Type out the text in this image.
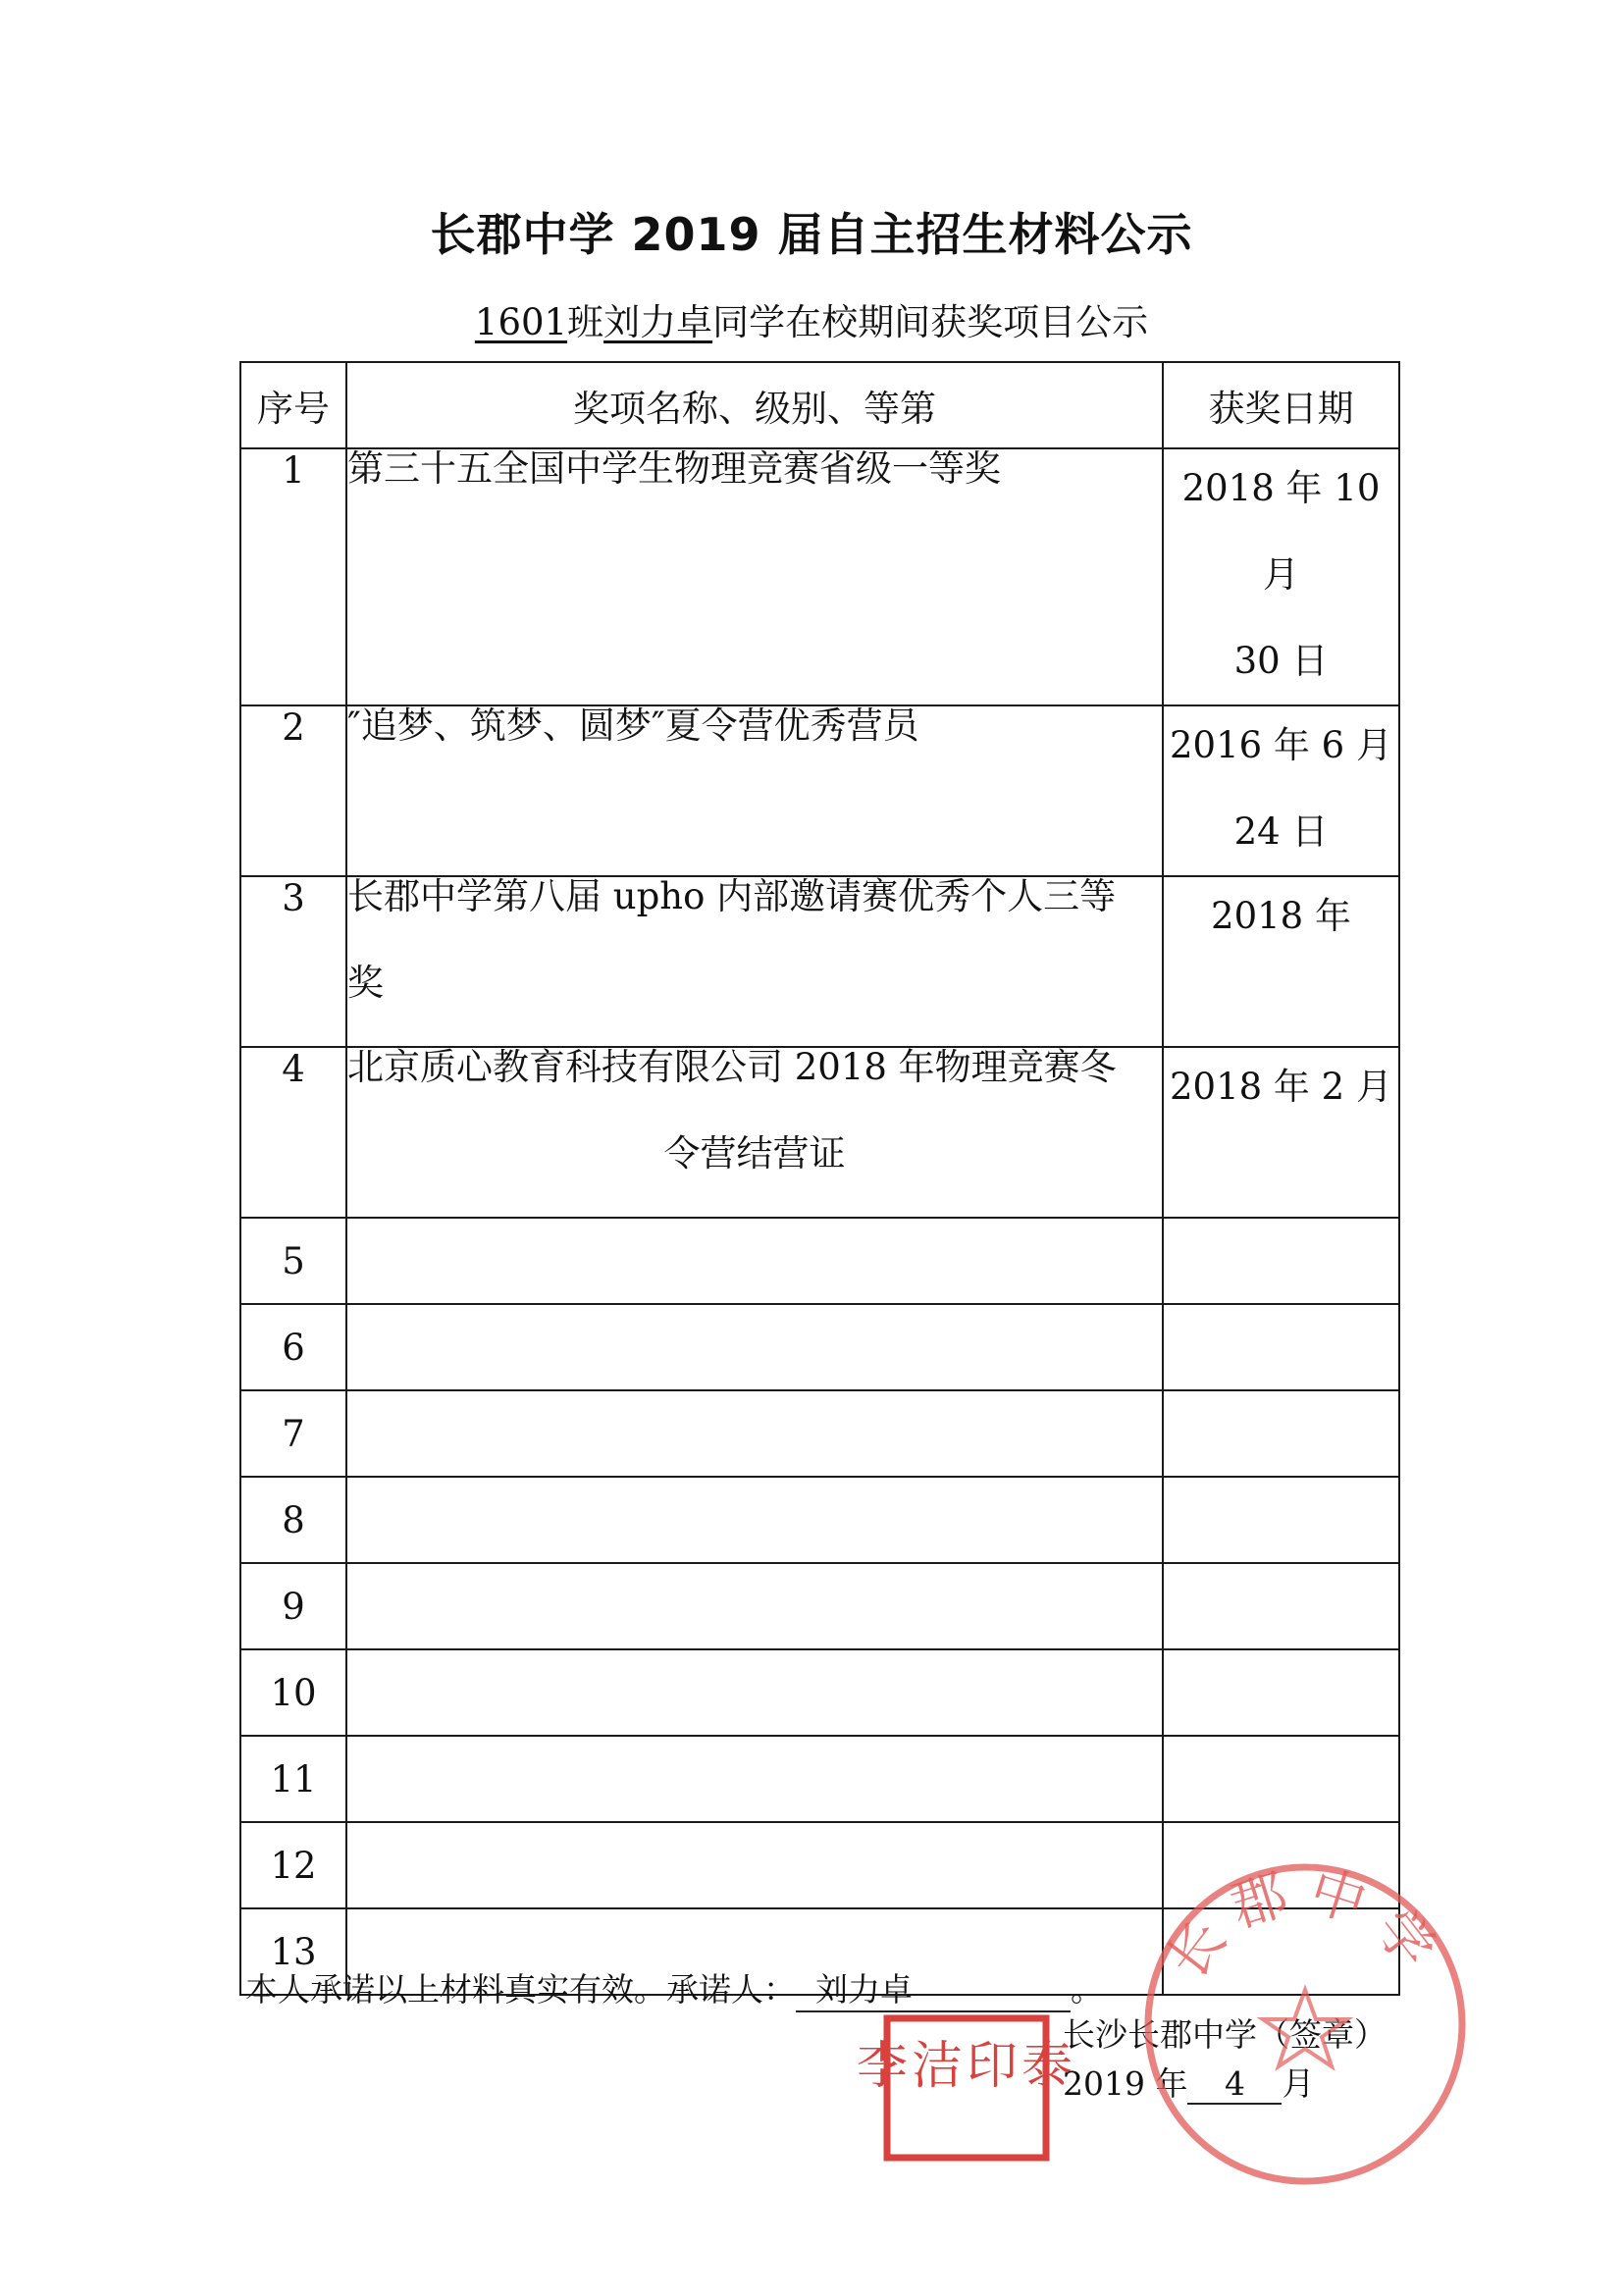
长郡中学 2019 届自主招生材料公示
1601班刘力卓同学在校期间获奖项目公示
序号	奖项名称、级别、等第	获奖日期
1	第三十五全国中学生物理竞赛省级一等奖	2018 年 10 月
30 日

2	″追梦、筑梦、圆梦″夏令营优秀营员	2016 年 6 月
24 日

3	长郡中学第八届 upho 内部邀请赛优秀个人三等
奖	2018 年

4	北京质心教育科技有限公司 2018 年物理竞赛冬
令营结营证	2018 年 2 月

5		
6		
7		
8		
9		
10		
11		
12		
13		
本人承诺以上材料真实有效。承诺人： 刘力卓	。
长沙长郡中学（签章）
2019 年 4 月
长郡中学
李洁印泰
